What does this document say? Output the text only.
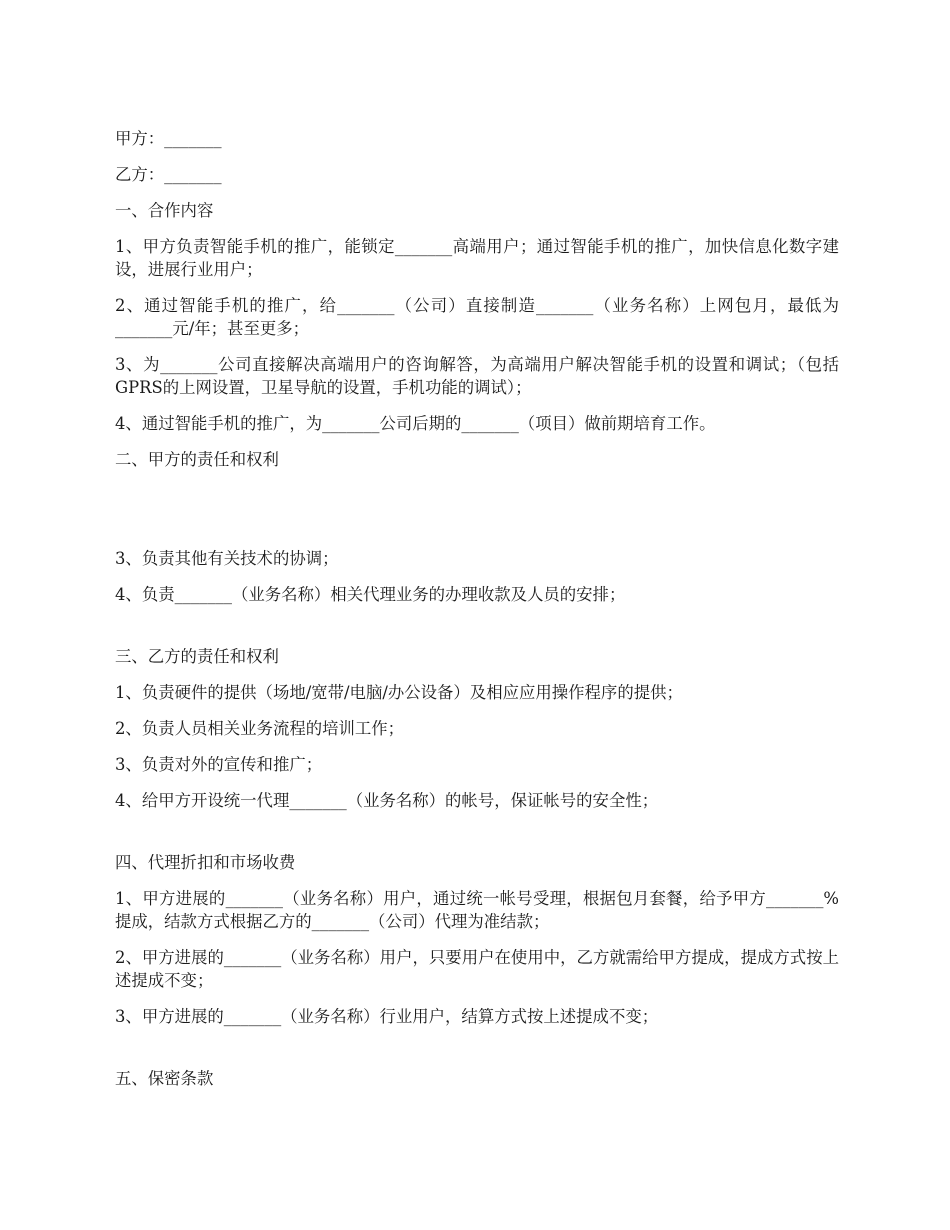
甲方：_______

乙方：_______

一、合作内容

1、甲方负责智能手机的推广，能锁定_______高端用户；通过智能手机的推广，加快信息化数字建设，进展行业用户；

2、通过智能手机的推广，给_______（公司）直接制造_______（业务名称）上网包月，最低为_______元/年；甚至更多；

3、为_______公司直接解决高端用户的咨询解答，为高端用户解决智能手机的设置和调试；（包括GPRS的上网设置，卫星导航的设置，手机功能的调试）；

4、通过智能手机的推广，为_______公司后期的_______（项目）做前期培育工作。

二、甲方的责任和权利

3、负责其他有关技术的协调；

4、负责_______（业务名称）相关代理业务的办理收款及人员的安排；

三、乙方的责任和权利

1、负责硬件的提供（场地/宽带/电脑/办公设备）及相应应用操作程序的提供；

2、负责人员相关业务流程的培训工作；

3、负责对外的宣传和推广；

4、给甲方开设统一代理_______（业务名称）的帐号，保证帐号的安全性；

四、代理折扣和市场收费

1、甲方进展的_______（业务名称）用户，通过统一帐号受理，根据包月套餐，给予甲方_______%提成，结款方式根据乙方的_______（公司）代理为准结款；

2、甲方进展的_______（业务名称）用户，只要用户在使用中，乙方就需给甲方提成，提成方式按上述提成不变；

3、甲方进展的_______（业务名称）行业用户，结算方式按上述提成不变；

五、保密条款
